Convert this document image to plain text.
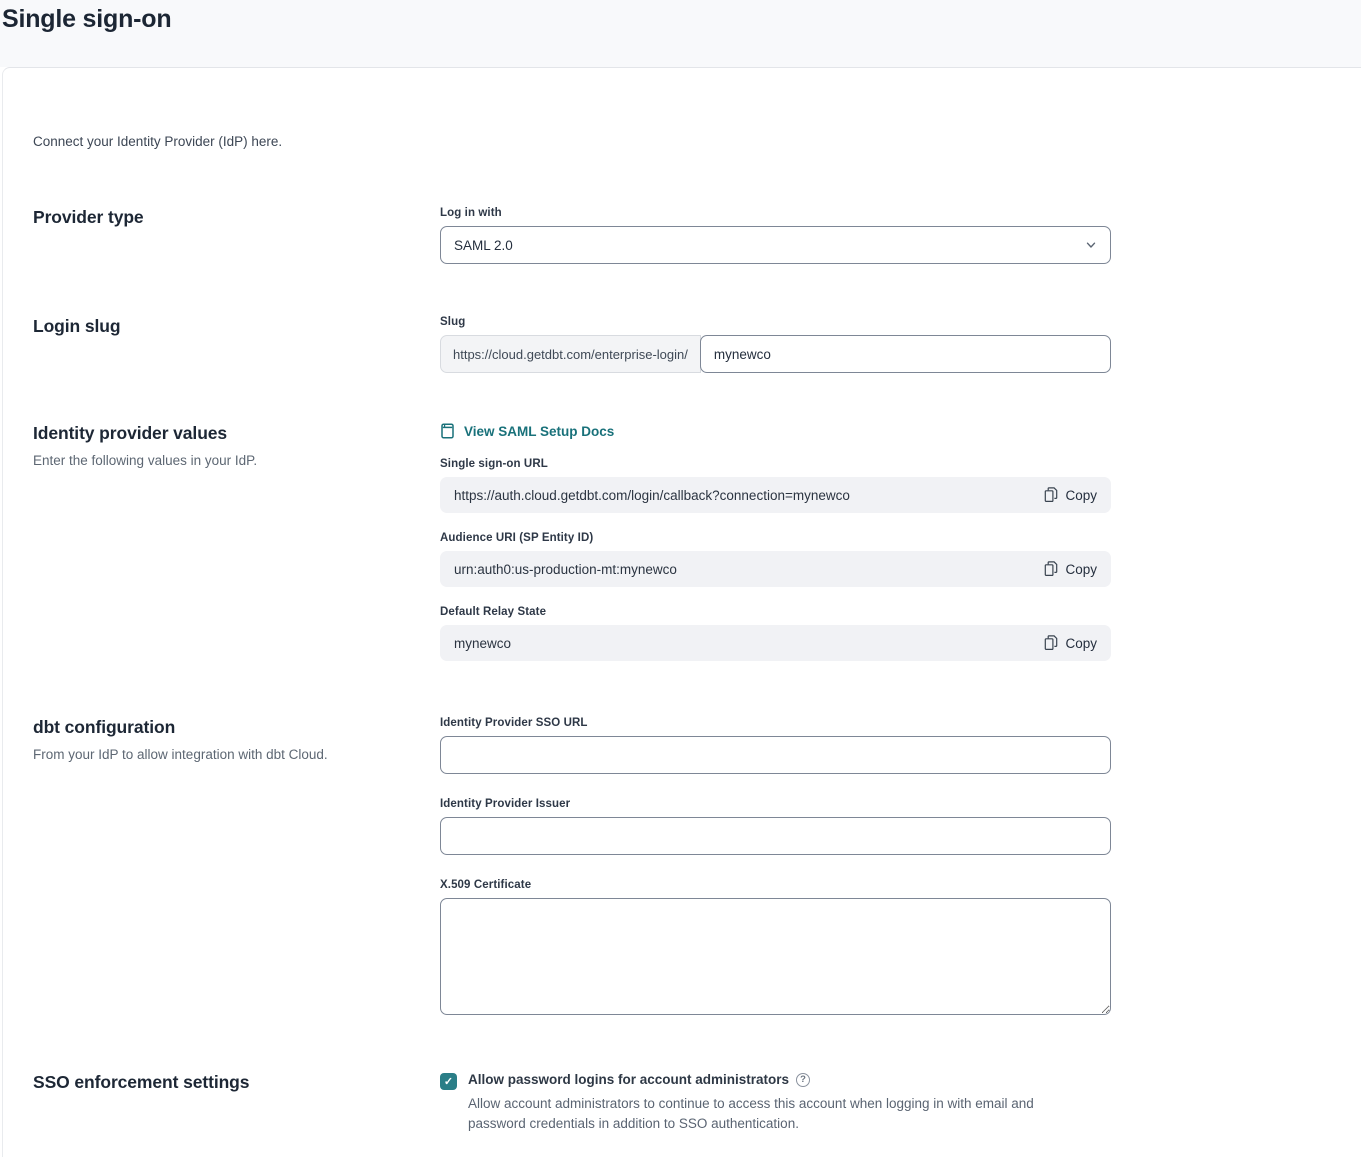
Single sign-on

Connect your Identity Provider (IdP) here.

Provider type	Log in with
SAML 2.0
Login slug	Slug
https://cloud.getdbt.com/enterprise-login/
mynewco
Identity provider values
Enter the following values in your IdP.
View SAML Setup Docs
Single sign-on URL
https://auth.cloud.getdbt.com/login/callback?connection=mynewco	Copy
Audience URI (SP Entity ID)
urn:auth0:us-production-mt:mynewco	Copy
Default Relay State
mynewco	Copy
dbt configuration
From your IdP to allow integration with dbt Cloud.
Identity Provider SSO URL
Identity Provider Issuer
X.509 Certificate
SSO enforcement settings	✓ Allow password logins for account administrators	?
Allow account administrators to continue to access this account when logging in with email and password credentials in addition to SSO authentication.
